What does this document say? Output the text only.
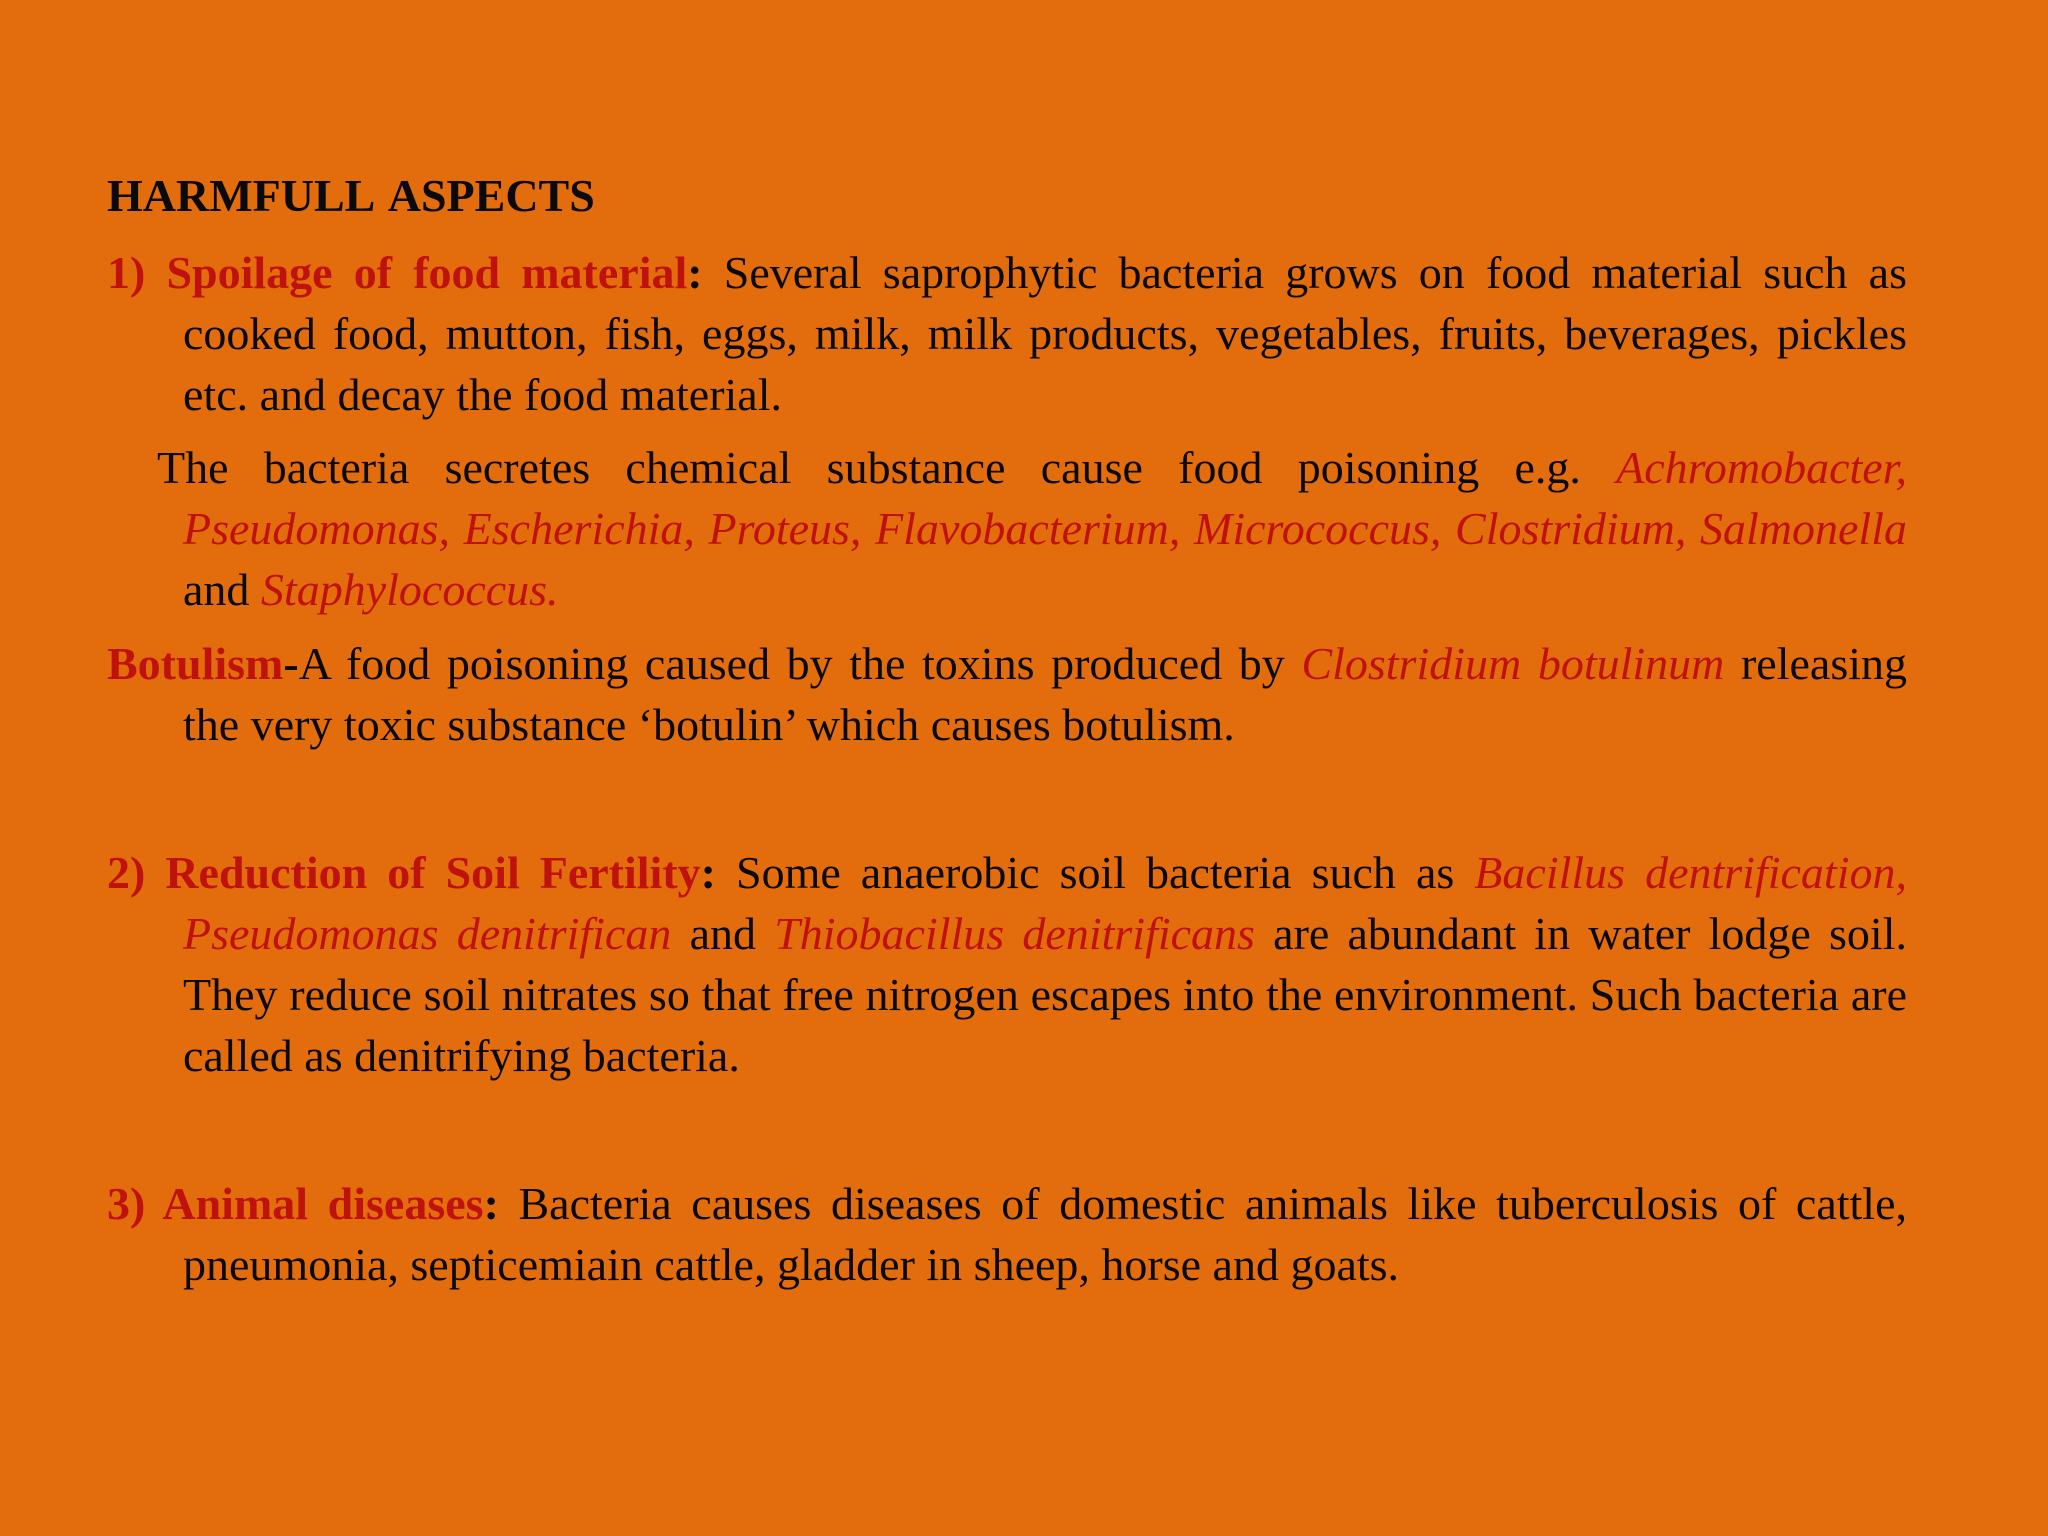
HARMFULL ASPECTS

1) Spoilage of food material: Several saprophytic bacteria grows on food material such as cooked food, mutton, fish, eggs, milk, milk products, vegetables, fruits, beverages, pickles etc. and decay the food material.

The bacteria secretes chemical substance cause food poisoning e.g. Achromobacter, Pseudomonas, Escherichia, Proteus, Flavobacterium, Micrococcus, Clostridium, Salmonella and Staphylococcus.

Botulism-A food poisoning caused by the toxins produced by Clostridium botulinum releasing the very toxic substance ‘botulin’ which causes botulism.

2) Reduction of Soil Fertility: Some anaerobic soil bacteria such as Bacillus dentrification, Pseudomonas denitrifican and Thiobacillus denitrificans are abundant in water lodge soil. They reduce soil nitrates so that free nitrogen escapes into the environment. Such bacteria are called as denitrifying bacteria.

3) Animal diseases: Bacteria causes diseases of domestic animals like tuberculosis of cattle, pneumonia, septicemiain cattle, gladder in sheep, horse and goats.
